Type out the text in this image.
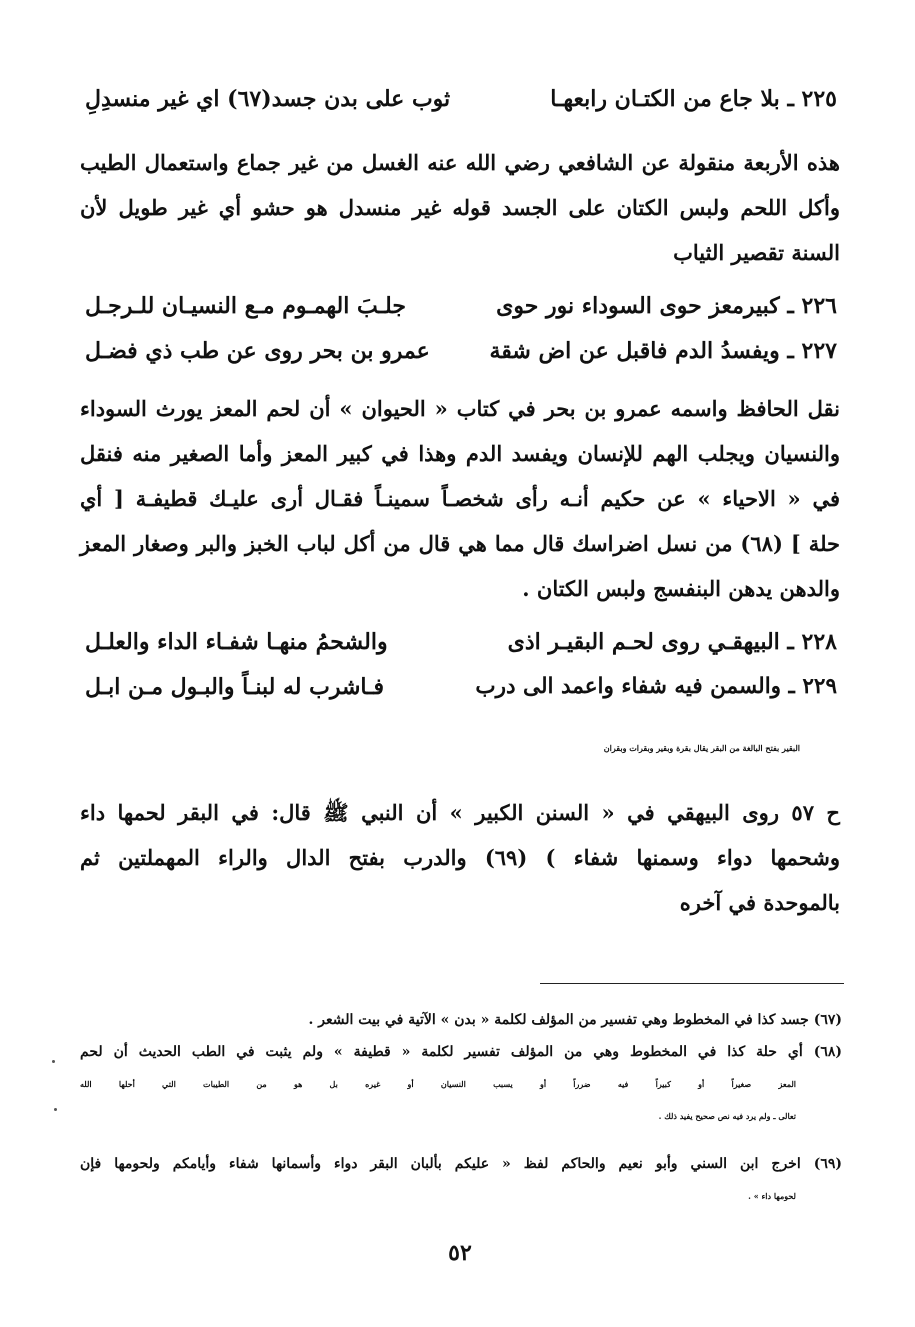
٢٢٥ ـ بلا جاع من الكتـان رابعهـا
ثوب على بدن جسد(٦٧) اي غير منسدِلِ
هذه الأربعة منقولة عن الشافعي رضي الله عنه الغسل من غير جماع واستعمال الطيب
وأكل اللحم ولبس الكتان على الجسد قوله غير منسدل هو حشو أي غير طويل لأن
السنة تقصير الثياب
٢٢٦ ـ كبيرمعز حوى السوداء نور حوى
جلـبَ الهمـوم مـع النسيـان للـرجـل
٢٢٧ ـ ويفسدُ الدم فاقبل عن اض شقة
عمرو بن بحر روى عن طب ذي فضـل
نقل الحافظ واسمه عمرو بن بحر في كتاب « الحيوان » أن لحم المعز يورث السوداء
والنسيان ويجلب الهم للإنسان ويفسد الدم وهذا في كبير المعز وأما الصغير منه فنقل
في « الاحياء » عن حكيم أنـه رأى شخصـاً سمينـاً فقـال أرى عليـك قطيفـة [ أي
حلة ] (٦٨) من نسل اضراسك قال مما هي قال من أكل لباب الخبز والبر وصغار المعز
والدهن يدهن البنفسج ولبس الكتان .
٢٢٨ ـ البيهقـي روى لحـم البقيـر اذى
والشحمُ منهـا شفـاء الداء والعلـل
٢٢٩ ـ والسمن فيه شفاء واعمد الى درب
فـاشرب له لبنـاً والبـول مـن ابـل
البقير بفتح البالغة من البقر يقال بقرة وبقير وبقرات وبقران
ح ٥٧ روى البيهقي في « السنن الكبير » أن النبي ﷺ قال: في البقر لحمها داء
وشحمها دواء وسمنها شفاء ) (٦٩) والدرب بفتح الدال والراء المهملتين ثم
بالموحدة في آخره
(٦٧) جسد كذا في المخطوط وهي تفسير من المؤلف لكلمة « بدن » الآتية في بيت الشعر .
(٦٨) أي حلة كذا في المخطوط وهي من المؤلف تفسير لكلمة « قطيفة » ولم يثبت في الطب الحديث أن لحم
المعز صغيراً أو كبيراً فيه ضرراً أو يسبب النسيان أو غيره بل هو من الطيبات التي أحلها الله
تعالى ـ ولم يرد فيه نص صحيح يفيد ذلك .
(٦٩) اخرج ابن السني وأبو نعيم والحاكم لفظ « عليكم بألبان البقر دواء وأسمانها شفاء وأيامكم ولحومها فإن
لحومها داء » .
٥٢
